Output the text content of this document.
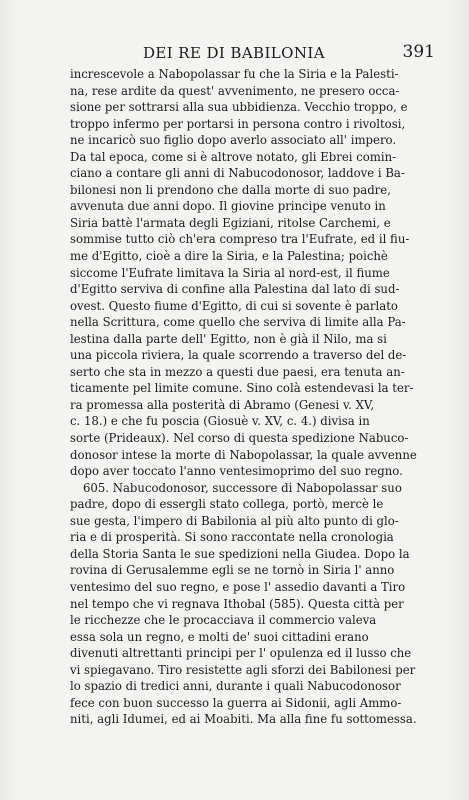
DEI RE DI BABILONIA	391
increscevole a Nabopolassar fu che la Siria e la Palesti-
na, rese ardite da quest' avvenimento, ne presero occa-
sione per sottrarsi alla sua ubbidienza. Vecchio troppo, e
troppo infermo per portarsi in persona contro i rivoltosi,
ne incaricò suo figlio dopo averlo associato all' impero.
Da tal epoca, come si è altrove notato, gli Ebrei comin-
ciano a contare gli anni di Nabucodonosor, laddove i Ba-
bilonesi non li prendono che dalla morte di suo padre,
avvenuta due anni dopo. Il giovine principe venuto in
Siria battè l'armata degli Egiziani, ritolse Carchemi, e
sommise tutto ciò ch'era compreso tra l'Eufrate, ed il fiu-
me d'Egitto, cioè a dire la Siria, e la Palestina; poichè
siccome l'Eufrate limitava la Siria al nord-est, il fiume
d'Egitto serviva di confine alla Palestina dal lato di sud-
ovest. Questo fiume d'Egitto, di cui si sovente è parlato
nella Scrittura, come quello che serviva di limite alla Pa-
lestina dalla parte dell' Egitto, non è già il Nilo, ma si
una piccola riviera, la quale scorrendo a traverso del de-
serto che sta in mezzo a questi due paesi, era tenuta an-
ticamente pel limite comune. Sino colà estendevasi la ter-
ra promessa alla posterità di Abramo (Genesi v. XV,
c. 18.) e che fu poscia (Giosuè v. XV, c. 4.) divisa in
sorte (Prideaux). Nel corso di questa spedizione Nabuco-
donosor intese la morte di Nabopolassar, la quale avvenne
dopo aver toccato l'anno ventesimoprimo del suo regno.
605. Nabucodonosor, successore di Nabopolassar suo
padre, dopo di essergli stato collega, portò, mercè le
sue gesta, l'impero di Babilonia al più alto punto di glo-
ria e di prosperità. Si sono raccontate nella cronologia
della Storia Santa le sue spedizioni nella Giudea. Dopo la
rovina di Gerusalemme egli se ne tornò in Siria l' anno
ventesimo del suo regno, e pose l' assedio davanti a Tiro
nel tempo che vi regnava Ithobal (585). Questa città per
le ricchezze che le procacciava il commercio valeva
essa sola un regno, e molti de' suoi cittadini erano
divenuti altrettanti principi per l' opulenza ed il lusso che
vi spiegavano. Tiro resistette agli sforzi dei Babilonesi per
lo spazio di tredici anni, durante i quali Nabucodonosor
fece con buon successo la guerra ai Sidonii, agli Ammo-
niti, agli Idumei, ed ai Moabiti. Ma alla fine fu sottomessa.
